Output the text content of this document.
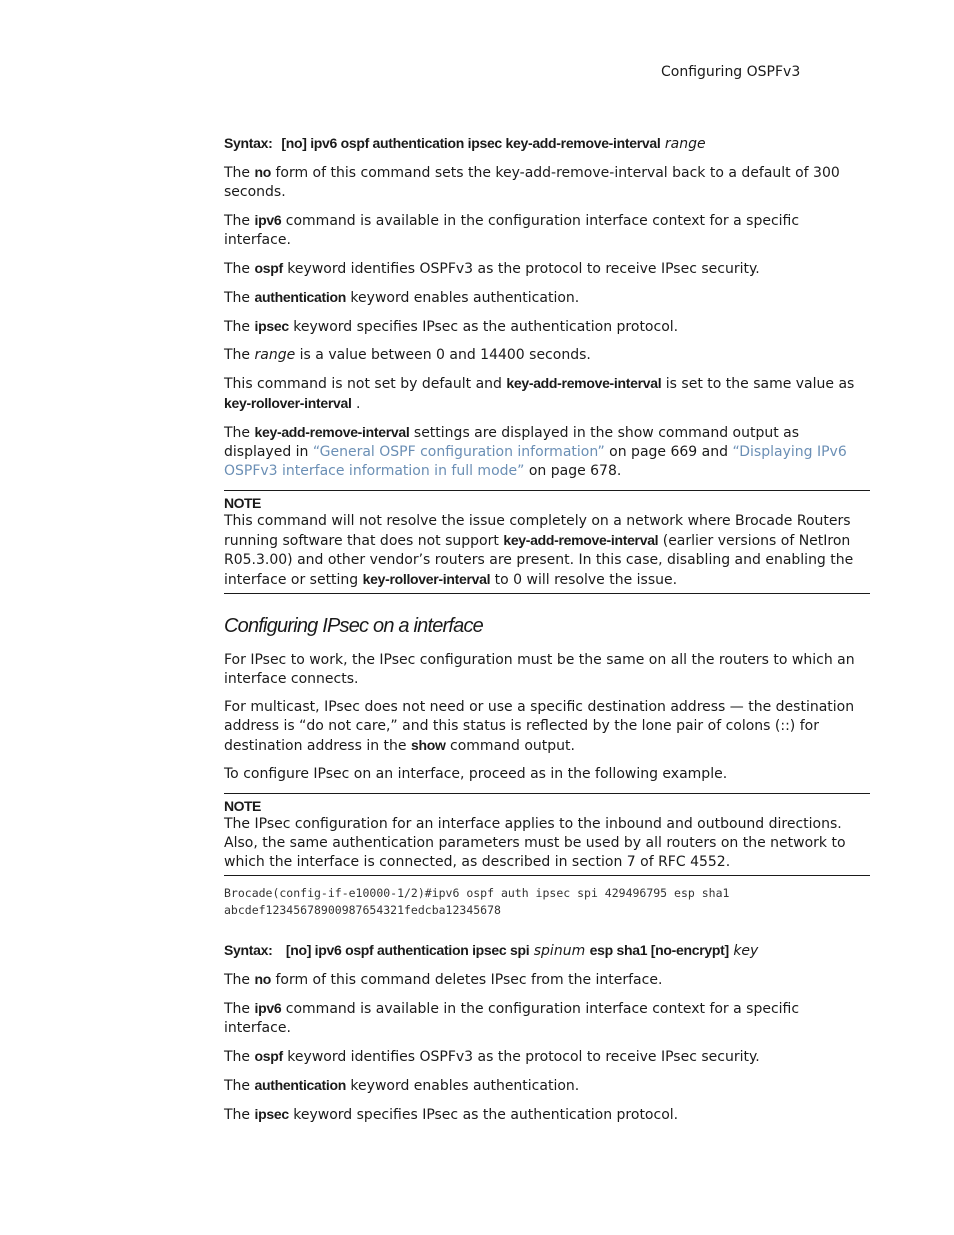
Configuring OSPFv3

Syntax: [no] ipv6 ospf authentication ipsec key-add-remove-interval range

The no form of this command sets the key-add-remove-interval back to a default of 300 seconds.

The ipv6 command is available in the configuration interface context for a specific interface.

The ospf keyword identifies OSPFv3 as the protocol to receive IPsec security.

The authentication keyword enables authentication.

The ipsec keyword specifies IPsec as the authentication protocol.

The range is a value between 0 and 14400 seconds.

This command is not set by default and key-add-remove-interval is set to the same value as key-rollover-interval .

The key-add-remove-interval settings are displayed in the show command output as displayed in “General OSPF configuration information” on page 669 and “Displaying IPv6 OSPFv3 interface information in full mode” on page 678.

NOTE

This command will not resolve the issue completely on a network where Brocade Routers running software that does not support key-add-remove-interval (earlier versions of NetIron R05.3.00) and other vendor’s routers are present. In this case, disabling and enabling the interface or setting key-rollover-interval to 0 will resolve the issue.

Configuring IPsec on a interface

For IPsec to work, the IPsec configuration must be the same on all the routers to which an interface connects.

For multicast, IPsec does not need or use a specific destination address — the destination address is “do not care,” and this status is reflected by the lone pair of colons (::) for destination address in the show command output.

To configure IPsec on an interface, proceed as in the following example.

NOTE

The IPsec configuration for an interface applies to the inbound and outbound directions. Also, the same authentication parameters must be used by all routers on the network to which the interface is connected, as described in section 7 of RFC 4552.

Brocade(config-if-e10000-1/2)#ipv6 ospf auth ipsec spi 429496795 esp sha1
abcdef12345678900987654321fedcba12345678

Syntax: [no] ipv6 ospf authentication ipsec spi spinum esp sha1 [no-encrypt] key

The no form of this command deletes IPsec from the interface.

The ipv6 command is available in the configuration interface context for a specific interface.

The ospf keyword identifies OSPFv3 as the protocol to receive IPsec security.

The authentication keyword enables authentication.

The ipsec keyword specifies IPsec as the authentication protocol.
